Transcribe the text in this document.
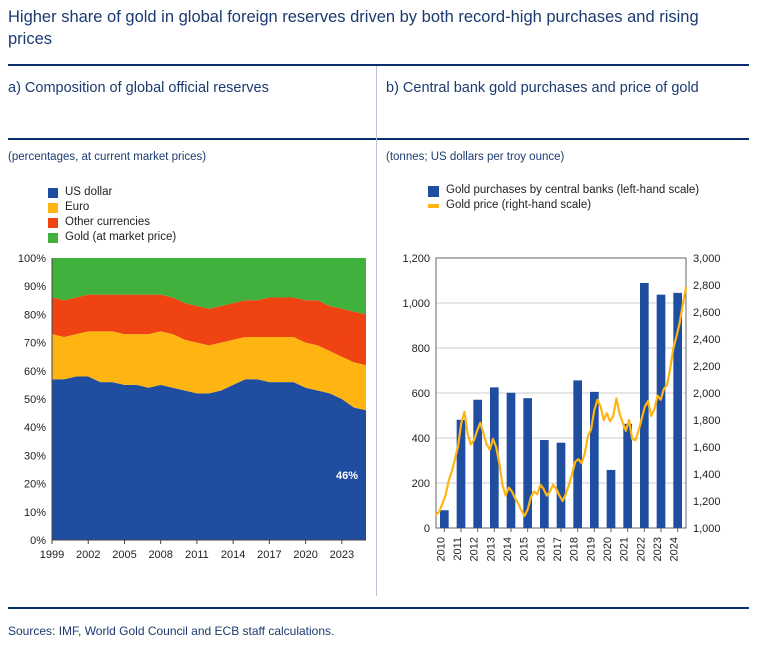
Higher share of gold in global foreign reserves driven by both record-high purchases and rising prices
a) Composition of global official reserves	b) Central bank gold purchases and price of gold
(percentages, at current market prices)	(tonnes; US dollars per troy ounce)
US dollar
Euro
Other currencies
Gold (at market price)
Gold purchases by central banks (left-hand scale)
Gold price (right-hand scale)
0%
10%
20%
30%
40%
50%
60%
70%
80%
90%
100%
1999 2002 2005 2008 2011 2014 2017 2020 2023
20%
18%
16%
46%
0
200
400
600
800
1,000
1,200
1,000
1,200
1,400
1,600
1,800
2,000
2,200
2,400
2,600
2,800
3,000
2010 2011 2012 2013 2014 2015 2016 2017 2018 2019 2020 2021 2022 2023 2024
Sources: IMF, World Gold Council and ECB staff calculations.
